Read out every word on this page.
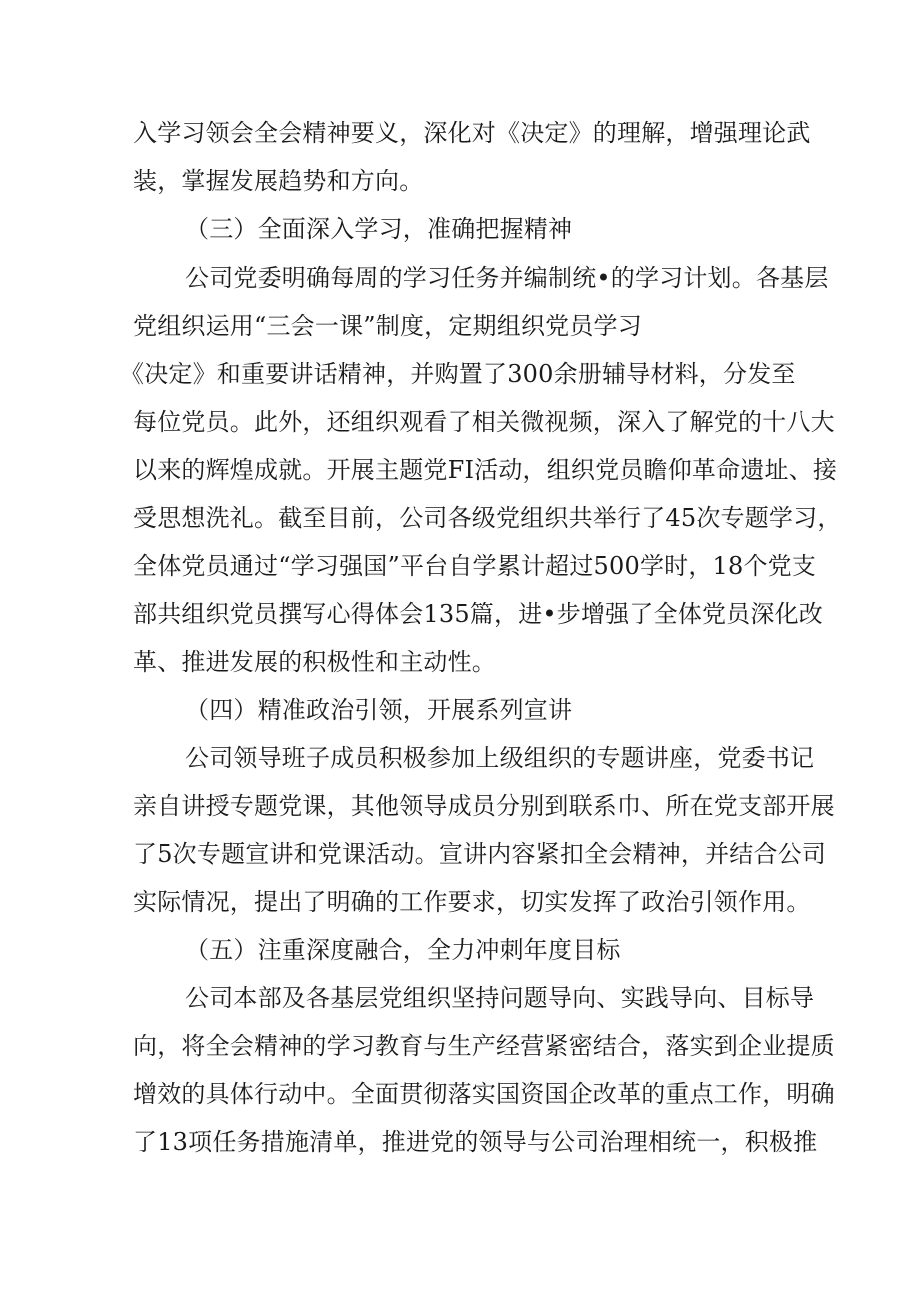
入学习领会全会精神要义，深化对《决定》的理解，增强理论武
装，掌握发展趋势和方向。
（三）全面深入学习，准确把握精神
公司党委明确每周的学习任务并编制统•的学习计划。各基层
党组织运用“三会一课”制度，定期组织党员学习
《决定》和重要讲话精神，并购置了300余册辅导材料，分发至
每位党员。此外，还组织观看了相关微视频，深入了解党的十八大
以来的辉煌成就。开展主题党FI活动，组织党员瞻仰革命遗址、接
受思想洗礼。截至目前，公司各级党组织共举行了45次专题学习，
全体党员通过“学习强国”平台自学累计超过500学时，18个党支
部共组织党员撰写心得体会135篇，进•步增强了全体党员深化改
革、推进发展的积极性和主动性。
（四）精准政治引领，开展系列宣讲
公司领导班子成员积极参加上级组织的专题讲座，党委书记
亲自讲授专题党课，其他领导成员分别到联系巾、所在党支部开展
了5次专题宣讲和党课活动。宣讲内容紧扣全会精神，并结合公司
实际情况，提出了明确的工作要求，切实发挥了政治引领作用。
（五）注重深度融合，全力冲刺年度目标
公司本部及各基层党组织坚持问题导向、实践导向、目标导
向，将全会精神的学习教育与生产经营紧密结合，落实到企业提质
增效的具体行动中。全面贯彻落实国资国企改革的重点工作，明确
了13项任务措施清单，推进党的领导与公司治理相统一，积极推
